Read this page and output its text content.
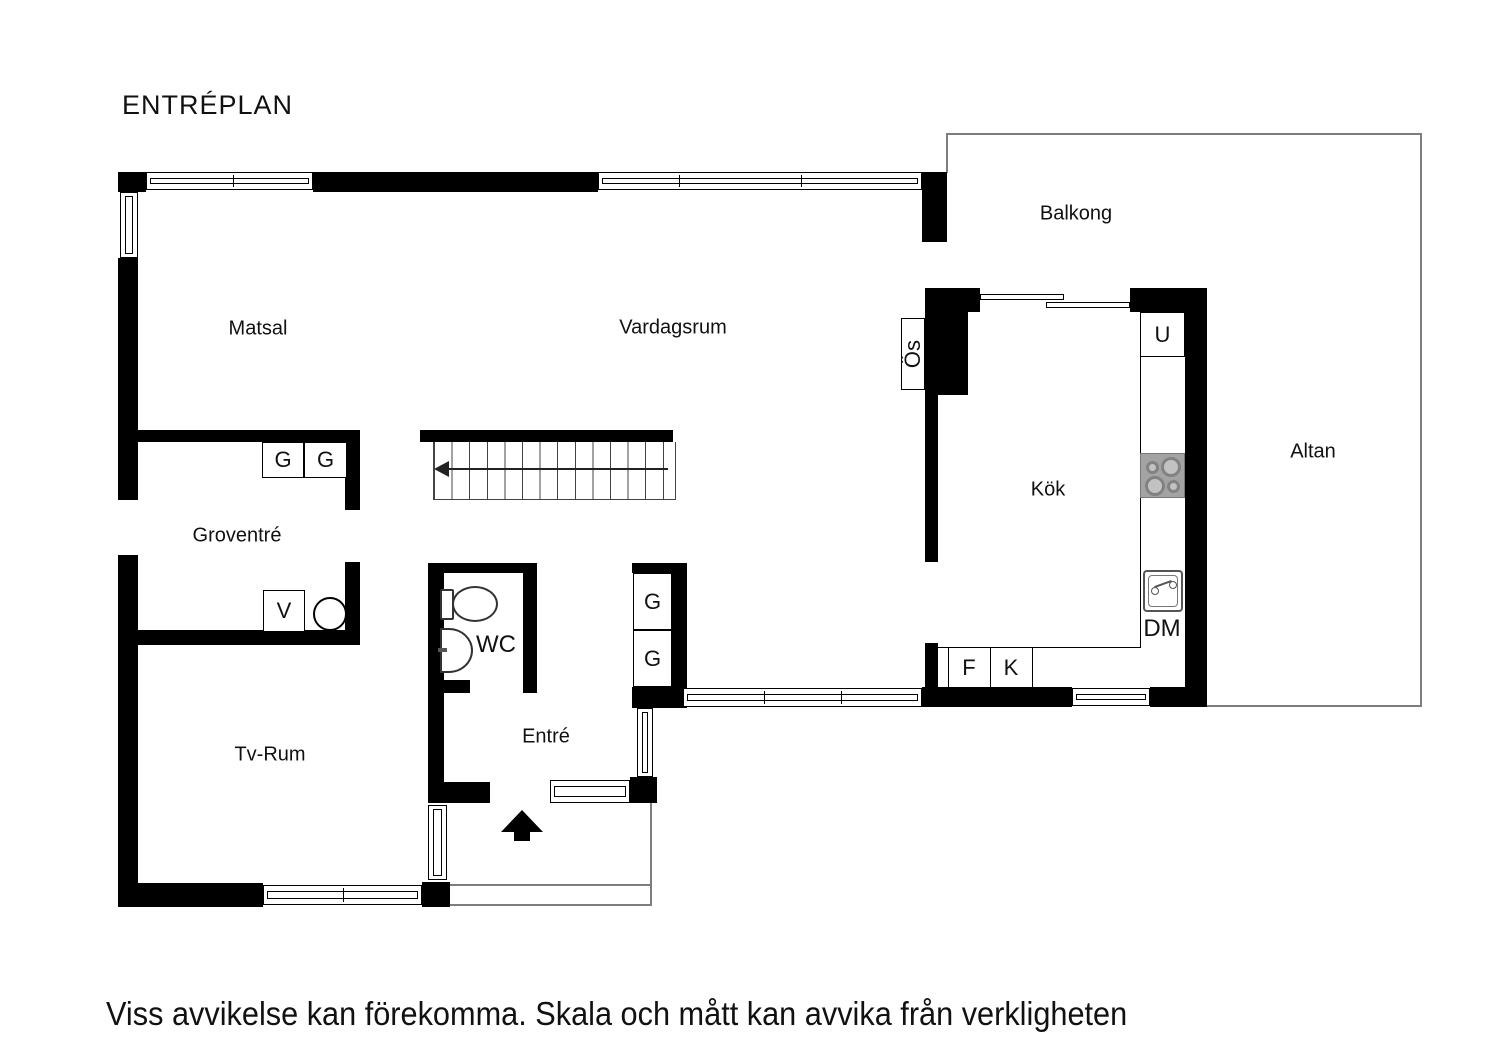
ENTRÉPLAN
U
Ös
G G
V	G
G
Matsal	Vardagsrum
Balkong
Altan
Kök
Groventré
Tv-Rum
Entré
WC
F K
DM
Viss avvikelse kan förekomma. Skala och mått kan avvika från verkligheten
